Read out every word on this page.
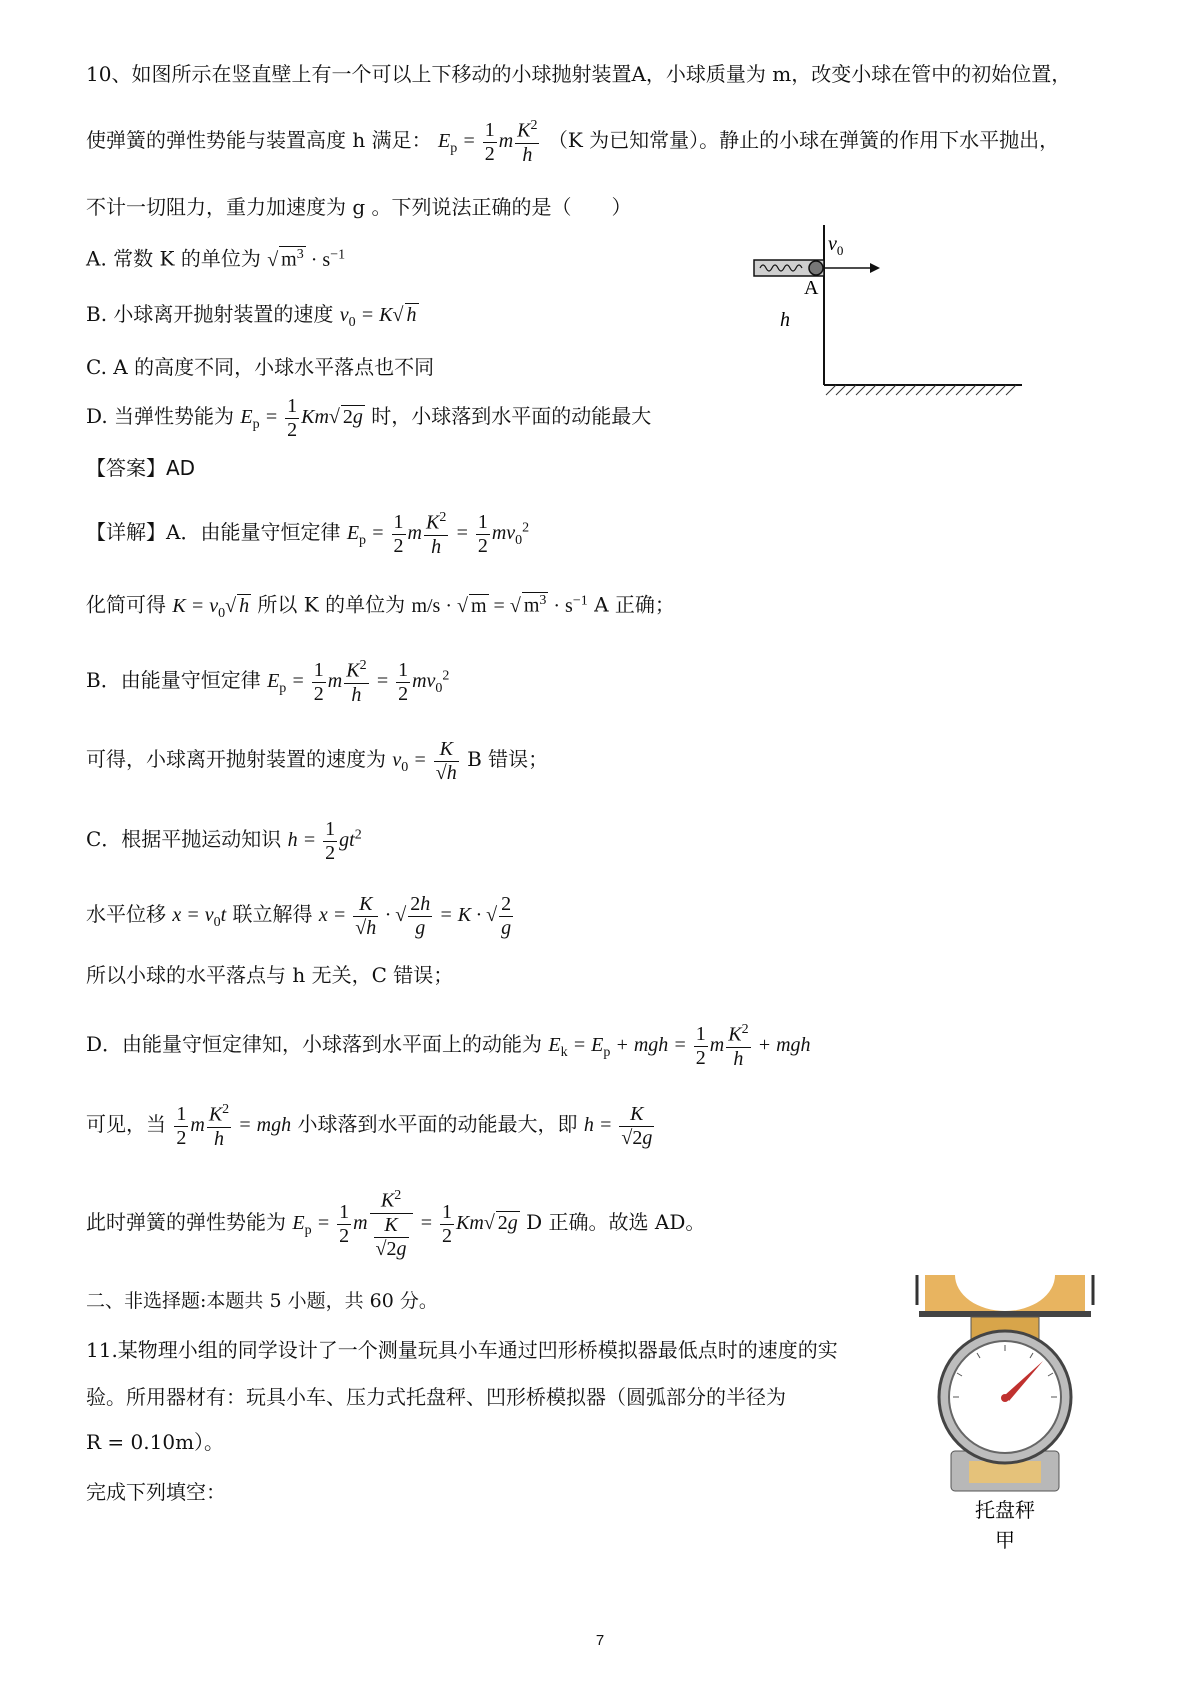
10、如图所示在竖直壁上有一个可以上下移动的小球抛射装置A，小球质量为 m，改变小球在管中的初始位置，
使弹簧的弹性势能与装置高度 h 满足： $E_p = \frac{1}{2}$ m $\frac{K^2}{h} (K$ 为已知常量）。静止的小球在弹簧的作用下水平抛出，
不计一切阻力，重力加速度为 g 。下列说法正确的是（　　）
A. 常数 K 的单位为 √ $m^3 \cdot s^{-1}$
B. 小球离开抛射装置的速度 $v_0 = K√$ h
C. A 的高度不同，小球水平落点也不同
D. 当弹性势能为 $E_p = \frac{1}{2} Km√$ 2g 时，小球落到水平面的动能最大
【答案】AD
【详解】A．由能量守恒定律 $E_p = \frac{1}{2}$ m $\frac{K^2}{h} = \frac{1}{2} mv_0^2$
化简可得 $K = v_0√$ h 所以 K 的单位为 m/s · √ m = √ $m^3 \cdot s^{-1}$ A 正确；
B．由能量守恒定律 $E_p = \frac{1}{2}$ m $\frac{K^2}{h} = \frac{1}{2} mv_0^2$
可得，小球离开抛射装置的速度为 $v_0 = K$
√ h B 错误；
C．根据平抛运动知识 $h = \frac{1}{2} gt^2$
水平位移 $x = v_0t$ 联立解得 x = K
√ h · √ $\frac{2h}{g} = K$ · √ $\frac{2}{g}$
所以小球的水平落点与 h 无关，C 错误；
D．由能量守恒定律知，小球落到水平面上的动能为 $E_k = E_p$ + mgh = $\frac{1}{2}$ m $\frac{K^2}{h}$ + mgh
可见，当 $\frac{1}{2}$ m $\frac{K^2}{h}$ = mgh 小球落到水平面的动能最大，即 h = K
√ 2g
此时弹簧的弹性势能为 $E_p = \frac{1}{2}$ m $K^2$
K
√ $2g = \frac{1}{2} Km√$ 2g D 正确。故选 AD。
二、非选择题:本题共 5 小题，共 60 分。
11.某物理小组的同学设计了一个测量玩具小车通过凹形桥模拟器最低点时的速度的实
验。所用器材有：玩具小车、压力式托盘秤、凹形桥模拟器（圆弧部分的半径为
R = 0.10m）。
完成下列填空：
$v_0$
A
h
托盘秤
甲
7
